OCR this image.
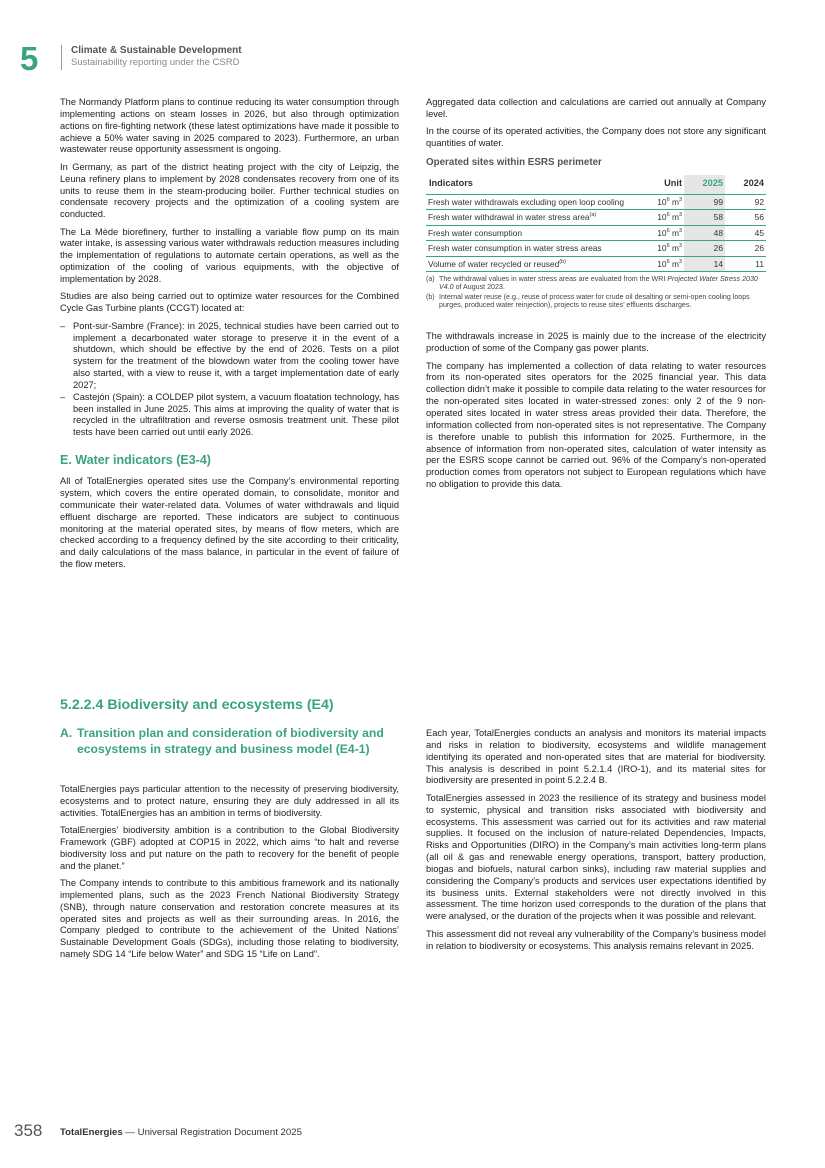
5	Climate & Sustainable Development
Sustainability reporting under the CSRD

The Normandy Platform plans to continue reducing its water consumption through implementing actions on steam losses in 2026, but also through optimization actions on fire-fighting network (these latest optimizations have made it possible to achieve a 50% water saving in 2025 compared to 2023). Furthermore, an urban wastewater reuse opportunity assessment is ongoing.

In Germany, as part of the district heating project with the city of Leipzig, the Leuna refinery plans to implement by 2028 condensates recovery from one of its units to reuse them in the steam-producing boiler. Further technical studies on condensate recovery projects and the optimization of a cooling system are conducted.

The La Mède biorefinery, further to installing a variable flow pump on its main water intake, is assessing various water withdrawals reduction measures including the implementation of regulations to automate certain operations, as well as the optimization of the cooling of various equipments, with the objective of implementation by 2028.

Studies are also being carried out to optimize water resources for the Combined Cycle Gas Turbine plants (CCGT) located at:

– Pont-sur-Sambre (France): in 2025, technical studies have been carried out to implement a decarbonated water storage to preserve it in the event of a shutdown, which should be effective by the end of 2026. Tests on a pilot system for the treatment of the blowdown water from the cooling tower have also started, with a view to reuse it, with a target implementation date of early 2027;
– Castejón (Spain): a COLDEP pilot system, a vacuum floatation technology, has been installed in June 2025. This aims at improving the quality of water that is recycled in the ultrafiltration and reverse osmosis treatment unit. These pilot tests have been carried out until early 2026.
E. Water indicators (E3-4)

All of TotalEnergies operated sites use the Company’s environmental reporting system, which covers the entire operated domain, to consolidate, monitor and communicate their water-related data. Volumes of water withdrawals and liquid effluent discharge are reported. These indicators are subject to continuous monitoring at the material operated sites, by means of flow meters, which are checked according to a frequency defined by the site according to their criticality, and daily calculations of the mass balance, in particular in the event of failure of the flow meters.

Aggregated data collection and calculations are carried out annually at Company level.

In the course of its operated activities, the Company does not store any significant quantities of water.

Operated sites within ESRS perimeter
Indicators	Unit	2025	2024
Fresh water withdrawals excluding open loop cooling	$10^6$ $m^3$	99	92
Fresh water withdrawal in water stress area$^{(a)}$	$10^6$ $m^3$	58	56
Fresh water consumption	$10^6$ $m^3$	48	45
Fresh water consumption in water stress areas	$10^6$ $m^3$	26	26
Volume of water recycled or reused$^{(b)}$	$10^6$ $m^3$	14	11
(a) The withdrawal values in water stress areas are evaluated from the WRI Projected Water Stress 2030 V4.0 of August 2023.
(b) Internal water reuse (e.g., reuse of process water for crude oil desalting or semi-open cooling loops purges, produced water reinjection), projects to reuse sites’ effluents discharges.

The withdrawals increase in 2025 is mainly due to the increase of the electricity production of some of the Company gas power plants.

The company has implemented a collection of data relating to water resources from its non-operated sites operators for the 2025 financial year. This data collection didn’t make it possible to compile data relating to the water resources for the non-operated sites located in water-stressed zones: only 2 of the 9 non-operated sites located in water stress areas provided their data. Therefore, the information collected from non-operated sites is not representative. The Company is therefore unable to publish this information for 2025. Furthermore, in the absence of information from non-operated sites, calculation of water intensity as per the ESRS scope cannot be carried out. 96% of the Company’s non-operated production comes from operators not subject to European regulations which have no obligation to provide this data.

5.2.2.4 Biodiversity and ecosystems (E4)
A. Transition plan and consideration of biodiversity and ecosystems in strategy and business model (E4-1)

TotalEnergies pays particular attention to the necessity of preserving biodiversity, ecosystems and to protect nature, ensuring they are duly addressed in all its activities. TotalEnergies has an ambition in terms of biodiversity.

TotalEnergies’ biodiversity ambition is a contribution to the Global Biodiversity Framework (GBF) adopted at COP15 in 2022, which aims “to halt and reverse biodiversity loss and put nature on the path to recovery for the benefit of people and the planet.”

The Company intends to contribute to this ambitious framework and its nationally implemented plans, such as the 2023 French National Biodiversity Strategy (SNB), through nature conservation and restoration concrete measures at its operated sites and projects as well as their surrounding areas. In 2016, the Company pledged to contribute to the achievement of the United Nations’ Sustainable Development Goals (SDGs), including those relating to biodiversity, namely SDG 14 “Life below Water” and SDG 15 “Life on Land”.

Each year, TotalEnergies conducts an analysis and monitors its material impacts and risks in relation to biodiversity, ecosystems and wildlife management identifying its operated and non-operated sites that are material for biodiversity. This analysis is described in point 5.2.1.4 (IRO-1), and its material sites for biodiversity are presented in point 5.2.2.4 B.

TotalEnergies assessed in 2023 the resilience of its strategy and business model to systemic, physical and transition risks associated with biodiversity and ecosystems. This assessment was carried out for its activities and raw material supplies. It focused on the inclusion of nature-related Dependencies, Impacts, Risks and Opportunities (DIRO) in the Company’s main activities long-term plans (all oil & gas and renewable energy operations, transport, battery production, biogas and biofuels, natural carbon sinks), including raw material supplies and considering the Company’s products and services user expectations identified by its business units. External stakeholders were not directly involved in this assessment. The time horizon used corresponds to the duration of the plans that were analysed, or the duration of the projects when it was possible and relevant.

This assessment did not reveal any vulnerability of the Company’s business model in relation to biodiversity or ecosystems. This analysis remains relevant in 2025.

358 TotalEnergies — Universal Registration Document 2025
